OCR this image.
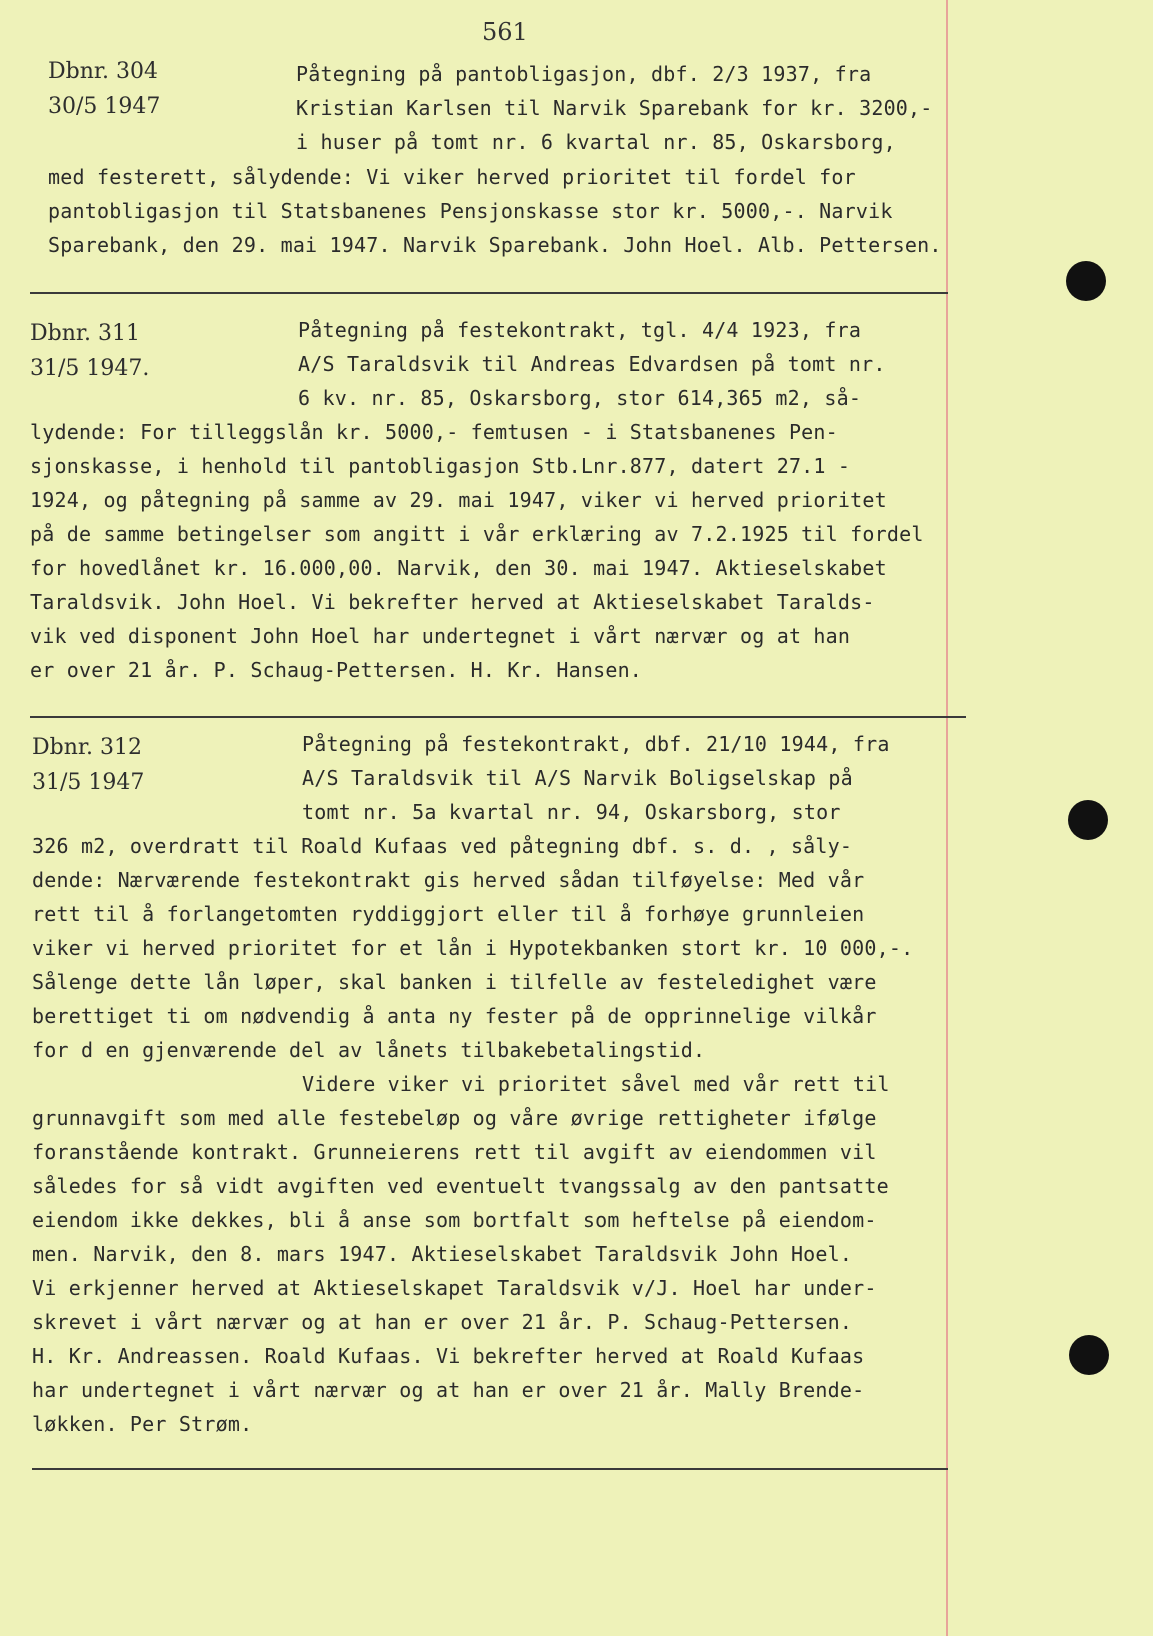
561
Dbnr. 304
30/5 1947
Påtegning på pantobligasjon, dbf. 2/3 1937, fra
Kristian Karlsen til Narvik Sparebank for kr. 3200,-
i huser på tomt nr. 6 kvartal nr. 85, Oskarsborg,
med festerett, sålydende: Vi viker herved prioritet til fordel for
pantobligasjon til Statsbanenes Pensjonskasse stor kr. 5000,-. Narvik
Sparebank, den 29. mai 1947. Narvik Sparebank. John Hoel. Alb. Pettersen.
Dbnr. 311
31/5 1947.
Påtegning på festekontrakt, tgl. 4/4 1923, fra
A/S Taraldsvik til Andreas Edvardsen på tomt nr.
6 kv. nr. 85, Oskarsborg, stor 614,365 m2, så-
lydende: For tilleggslån kr. 5000,- femtusen - i Statsbanenes Pen-
sjonskasse, i henhold til pantobligasjon Stb.Lnr.877, datert 27.1 -
1924, og påtegning på samme av 29. mai 1947, viker vi herved prioritet
på de samme betingelser som angitt i vår erklæring av 7.2.1925 til fordel
for hovedlånet kr. 16.000,00. Narvik, den 30. mai 1947. Aktieselskabet
Taraldsvik. John Hoel. Vi bekrefter herved at Aktieselskabet Taralds-
vik ved disponent John Hoel har undertegnet i vårt nærvær og at han
er over 21 år. P. Schaug-Pettersen. H. Kr. Hansen.
Dbnr. 312
31/5 1947
Påtegning på festekontrakt, dbf. 21/10 1944, fra
A/S Taraldsvik til A/S Narvik Boligselskap på
tomt nr. 5a kvartal nr. 94, Oskarsborg, stor
326 m2, overdratt til Roald Kufaas ved påtegning dbf. s. d. , såly-
dende: Nærværende festekontrakt gis herved sådan tilføyelse: Med vår
rett til å forlangetomten ryddiggjort eller til å forhøye grunnleien
viker vi herved prioritet for et lån i Hypotekbanken stort kr. 10 000,-.
Sålenge dette lån løper, skal banken i tilfelle av festeledighet være
berettiget ti om nødvendig å anta ny fester på de opprinnelige vilkår
for d en gjenværende del av lånets tilbakebetalingstid.
Videre viker vi prioritet såvel med vår rett til
grunnavgift som med alle festebeløp og våre øvrige rettigheter ifølge
foranstående kontrakt. Grunneierens rett til avgift av eiendommen vil
således for så vidt avgiften ved eventuelt tvangssalg av den pantsatte
eiendom ikke dekkes, bli å anse som bortfalt som heftelse på eiendom-
men. Narvik, den 8. mars 1947. Aktieselskabet Taraldsvik John Hoel.
Vi erkjenner herved at Aktieselskapet Taraldsvik v/J. Hoel har under-
skrevet i vårt nærvær og at han er over 21 år. P. Schaug-Pettersen.
H. Kr. Andreassen. Roald Kufaas. Vi bekrefter herved at Roald Kufaas
har undertegnet i vårt nærvær og at han er over 21 år. Mally Brende-
løkken. Per Strøm.
